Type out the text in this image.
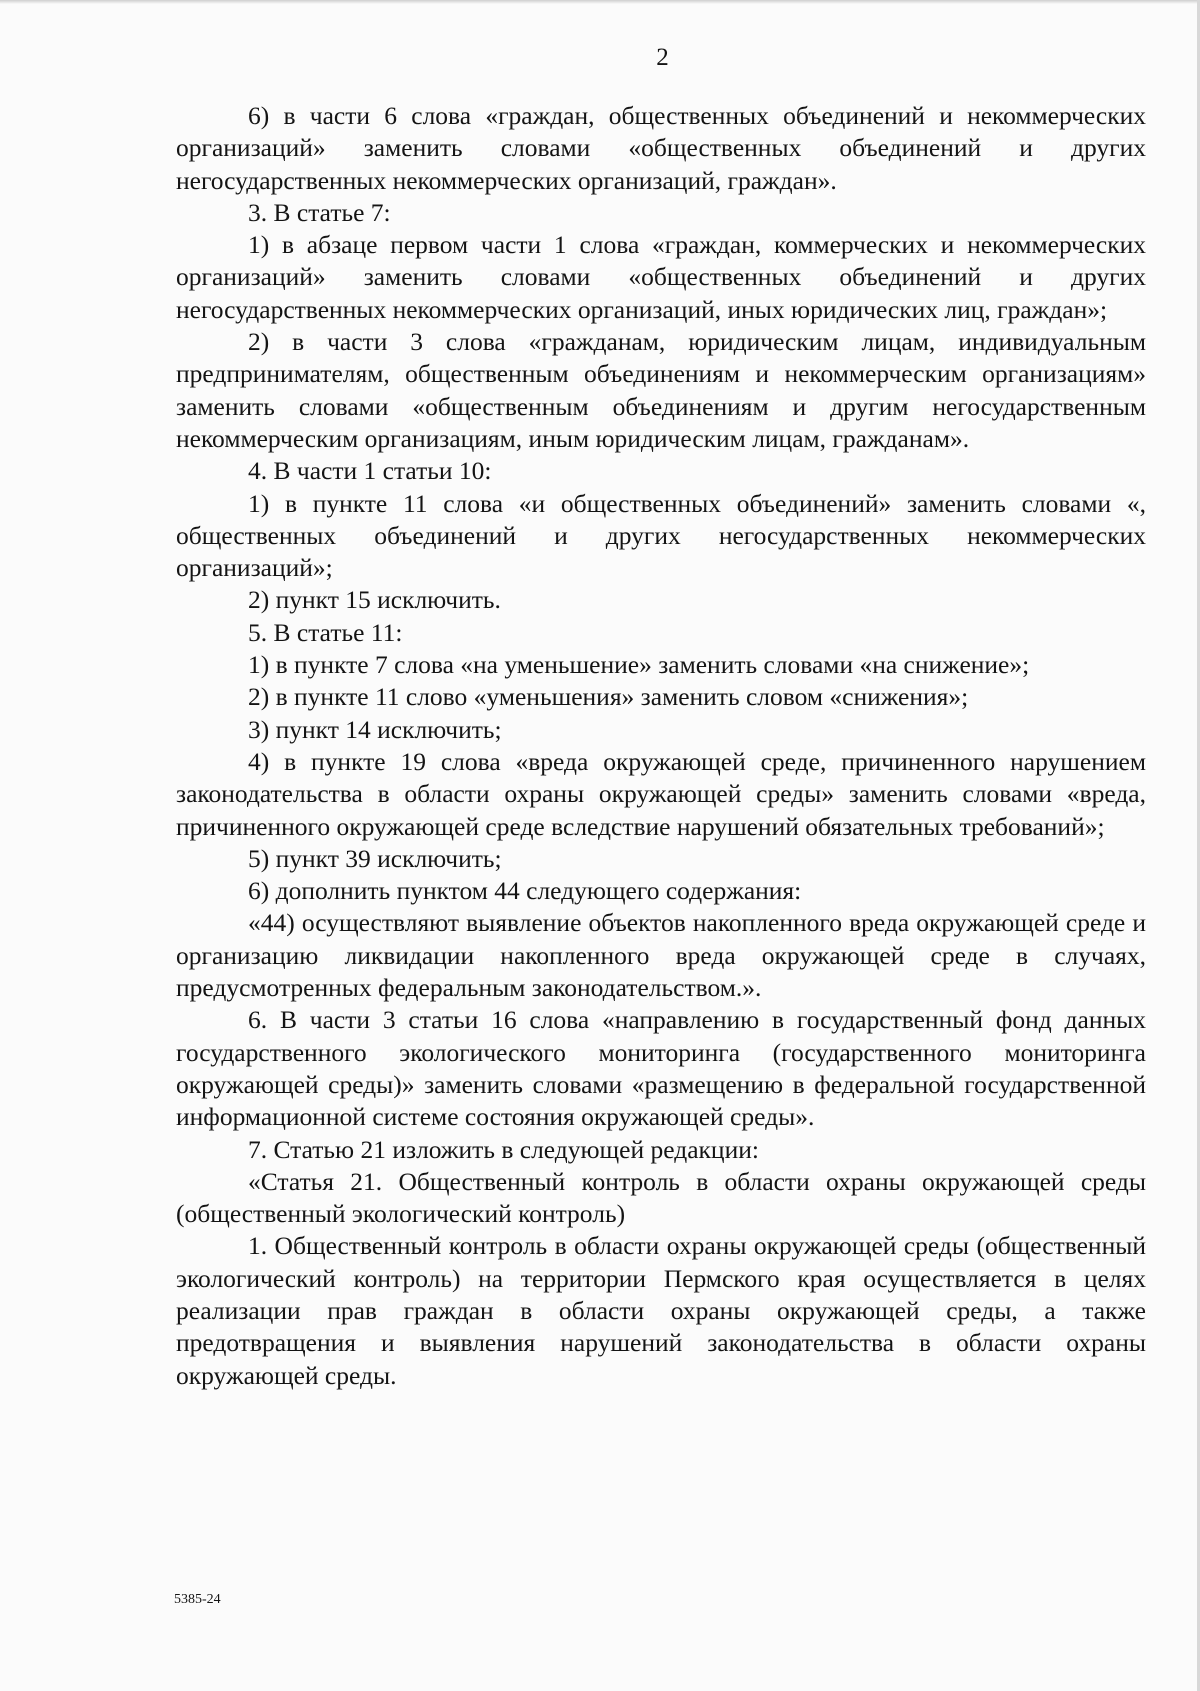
2

6) в части 6 слова «граждан, общественных объединений и некоммерческих организаций» заменить словами «общественных объединений и других негосударственных некоммерческих организаций, граждан».

3. В статье 7:

1) в абзаце первом части 1 слова «граждан, коммерческих и некоммерческих организаций» заменить словами «общественных объединений и других негосударственных некоммерческих организаций, иных юридических лиц, граждан»;

2) в части 3 слова «гражданам, юридическим лицам, индивидуальным предпринимателям, общественным объединениям и некоммерческим организациям» заменить словами «общественным объединениям и другим негосударственным некоммерческим организациям, иным юридическим лицам, гражданам».

4. В части 1 статьи 10:

1) в пункте 11 слова «и общественных объединений» заменить словами «, общественных объединений и других негосударственных некоммерческих организаций»;

2) пункт 15 исключить.

5. В статье 11:

1) в пункте 7 слова «на уменьшение» заменить словами «на снижение»;

2) в пункте 11 слово «уменьшения» заменить словом «снижения»;

3) пункт 14 исключить;

4) в пункте 19 слова «вреда окружающей среде, причиненного нарушением законодательства в области охраны окружающей среды» заменить словами «вреда, причиненного окружающей среде вследствие нарушений обязательных требований»;

5) пункт 39 исключить;

6) дополнить пунктом 44 следующего содержания:

«44) осуществляют выявление объектов накопленного вреда окружающей среде и организацию ликвидации накопленного вреда окружающей среде в случаях, предусмотренных федеральным законодательством.».

6. В части 3 статьи 16 слова «направлению в государственный фонд данных государственного экологического мониторинга (государственного мониторинга окружающей среды)» заменить словами «размещению в федеральной государственной информационной системе состояния окружающей среды».

7. Статью 21 изложить в следующей редакции:

«Статья 21. Общественный контроль в области охраны окружающей среды (общественный экологический контроль)

1. Общественный контроль в области охраны окружающей среды (общественный экологический контроль) на территории Пермского края осуществляется в целях реализации прав граждан в области охраны окружающей среды, а также предотвращения и выявления нарушений законодательства в области охраны окружающей среды.

5385-24
